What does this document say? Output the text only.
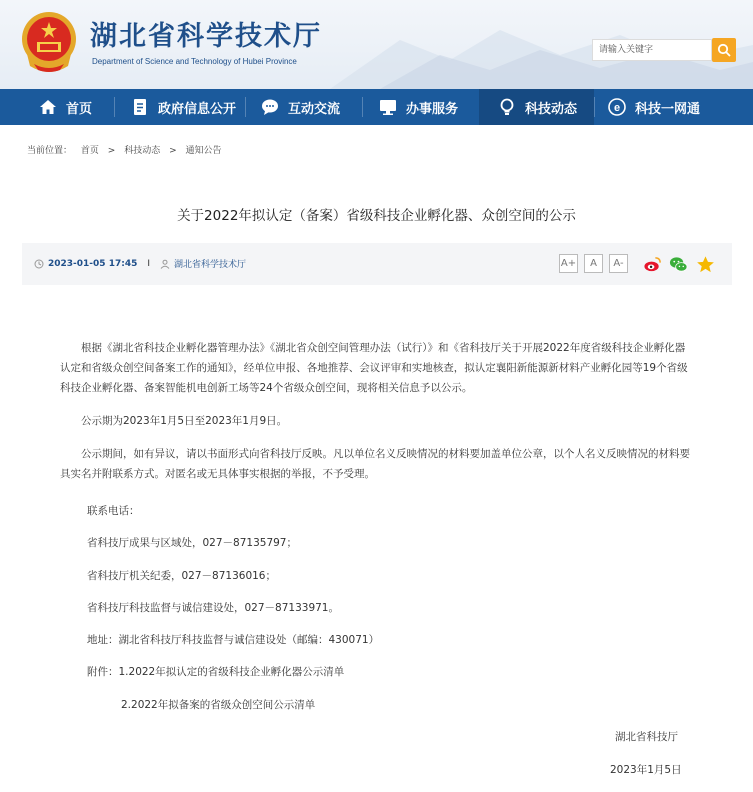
湖北省科学技术厅
Department of Science and Technology of Hubei Province
请输入关键字
首页	政府信息公开	互动交流	办事服务	科技动态	e 科技一网通
当前位置： 首页 > 科技动态 > 通知公告
关于2022年拟认定（备案）省级科技企业孵化器、众创空间的公示
2023-01-05 17:45 I	湖北省科学技术厅	A+	A	A-

根据《湖北省科技企业孵化器管理办法》《湖北省众创空间管理办法（试行）》和《省科技厅关于开展2022年度省级科技企业孵化器认定和省级众创空间备案工作的通知》，经单位申报、各地推荐、会议评审和实地核查，拟认定襄阳新能源新材料产业孵化园等19个省级科技企业孵化器、备案智能机电创新工场等24个省级众创空间，现将相关信息予以公示。

公示期为2023年1月5日至2023年1月9日。

公示期间，如有异议，请以书面形式向省科技厅反映。凡以单位名义反映情况的材料要加盖单位公章，以个人名义反映情况的材料要具实名并附联系方式。对匿名或无具体事实根据的举报，不予受理。

联系电话：
省科技厅成果与区域处，027－87135797；
省科技厅机关纪委，027－87136016；
省科技厅科技监督与诚信建设处，027－87133971。
地址：湖北省科技厅科技监督与诚信建设处（邮编：430071）
附件：1.2022年拟认定的省级科技企业孵化器公示清单
2.2022年拟备案的省级众创空间公示清单
湖北省科技厅
2023年1月5日
